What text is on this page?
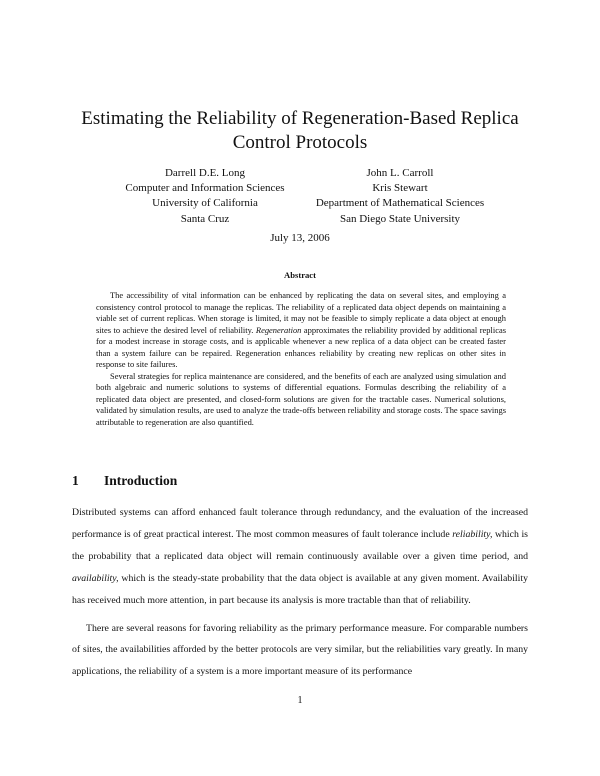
Estimating the Reliability of Regeneration-Based Replica Control Protocols
Darrell D.E. Long
Computer and Information Sciences
University of California
Santa Cruz
John L. Carroll
Kris Stewart
Department of Mathematical Sciences
San Diego State University
July 13, 2006
Abstract

The accessibility of vital information can be enhanced by replicating the data on several sites, and employing a consistency control protocol to manage the replicas. The reliability of a replicated data object depends on maintaining a viable set of current replicas. When storage is limited, it may not be feasible to simply replicate a data object at enough sites to achieve the desired level of reliability. Regeneration approximates the reliability provided by additional replicas for a modest increase in storage costs, and is applicable whenever a new replica of a data object can be created faster than a system failure can be repaired. Regeneration enhances reliability by creating new replicas on other sites in response to site failures.

Several strategies for replica maintenance are considered, and the benefits of each are analyzed using simulation and both algebraic and numeric solutions to systems of differential equations. Formulas describing the reliability of a replicated data object are presented, and closed-form solutions are given for the tractable cases. Numerical solutions, validated by simulation results, are used to analyze the trade-offs between reliability and storage costs. The space savings attributable to regeneration are also quantified.

1 Introduction

Distributed systems can afford enhanced fault tolerance through redundancy, and the evaluation of the increased performance is of great practical interest. The most common measures of fault tolerance include reliability, which is the probability that a replicated data object will remain continuously available over a given time period, and availability, which is the steady-state probability that the data object is available at any given moment. Availability has received much more attention, in part because its analysis is more tractable than that of reliability.

There are several reasons for favoring reliability as the primary performance measure. For comparable numbers of sites, the availabilities afforded by the better protocols are very similar, but the reliabilities vary greatly. In many applications, the reliability of a system is a more important measure of its performance

1
